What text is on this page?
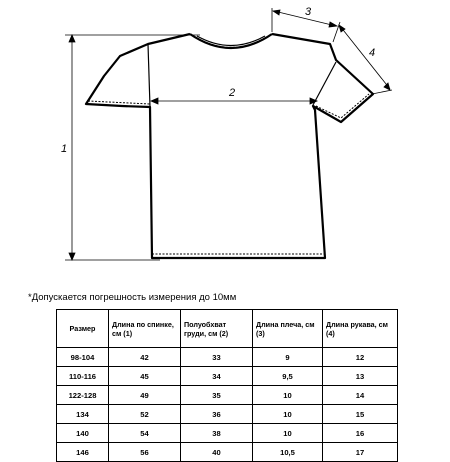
1
2
3
4
*Допускается погрешность измерения до 10мм
Размер	Длина по спинке, см (1)	Полуобхват груди, см (2)	Длина плеча, см (3)	Длина рукава, см (4)
98-104	42	33	9	12
110-116	45	34	9,5	13
122-128	49	35	10	14
134	52	36	10	15
140	54	38	10	16
146	56	40	10,5	17
